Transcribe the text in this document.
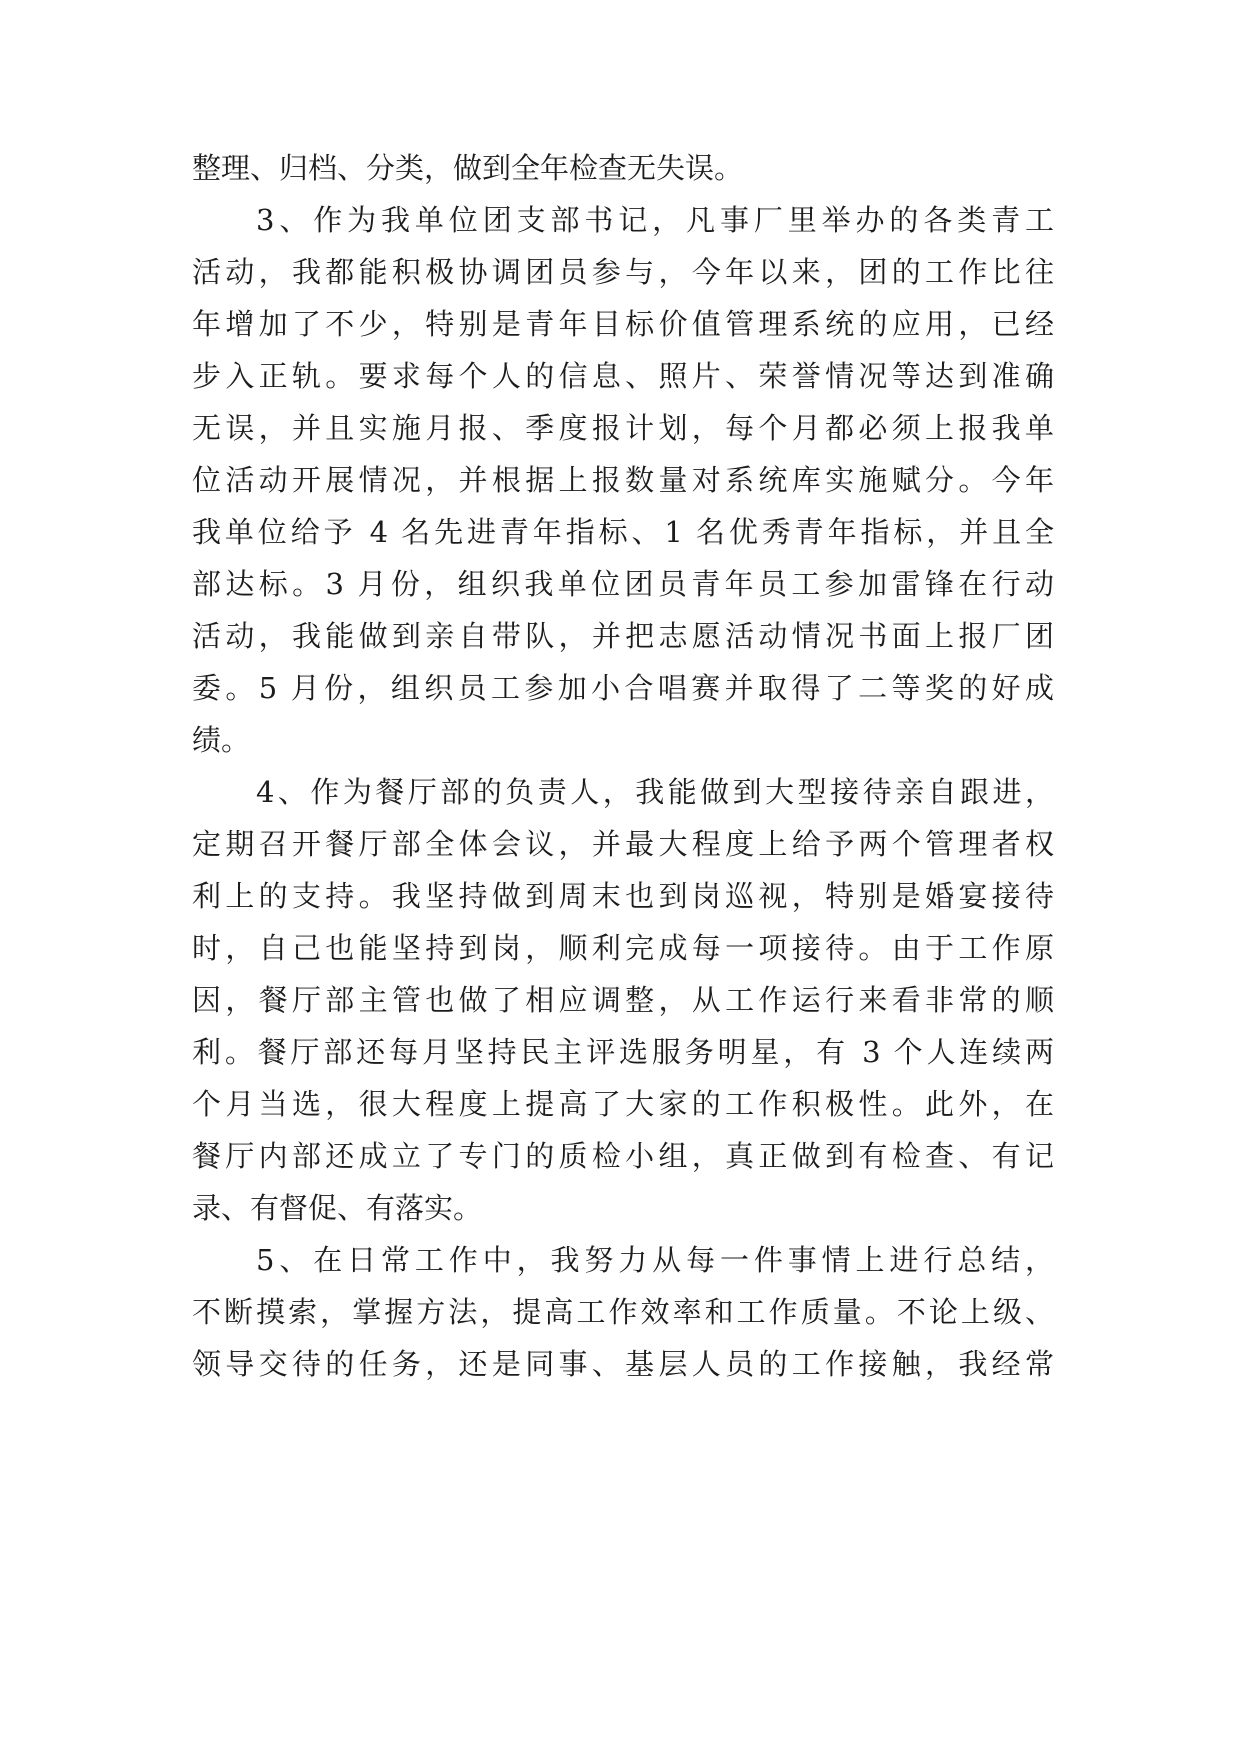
整理、归档、分类，做到全年检查无失误。

3、作为我单位团支部书记，凡事厂里举办的各类青工

活动，我都能积极协调团员参与，今年以来，团的工作比往

年增加了不少，特别是青年目标价值管理系统的应用，已经

步入正轨。要求每个人的信息、照片、荣誉情况等达到准确

无误，并且实施月报、季度报计划，每个月都必须上报我单

位活动开展情况，并根据上报数量对系统库实施赋分。今年

我单位给予 4 名先进青年指标、1 名优秀青年指标，并且全

部达标。3 月份，组织我单位团员青年员工参加雷锋在行动

活动，我能做到亲自带队，并把志愿活动情况书面上报厂团

委。5 月份，组织员工参加小合唱赛并取得了二等奖的好成

绩。

4、作为餐厅部的负责人，我能做到大型接待亲自跟进，

定期召开餐厅部全体会议，并最大程度上给予两个管理者权

利上的支持。我坚持做到周末也到岗巡视，特别是婚宴接待

时，自己也能坚持到岗，顺利完成每一项接待。由于工作原

因，餐厅部主管也做了相应调整，从工作运行来看非常的顺

利。餐厅部还每月坚持民主评选服务明星，有 3 个人连续两

个月当选，很大程度上提高了大家的工作积极性。此外，在

餐厅内部还成立了专门的质检小组，真正做到有检查、有记

录、有督促、有落实。

5、在日常工作中，我努力从每一件事情上进行总结，

不断摸索，掌握方法，提高工作效率和工作质量。不论上级、

领导交待的任务，还是同事、基层人员的工作接触，我经常
